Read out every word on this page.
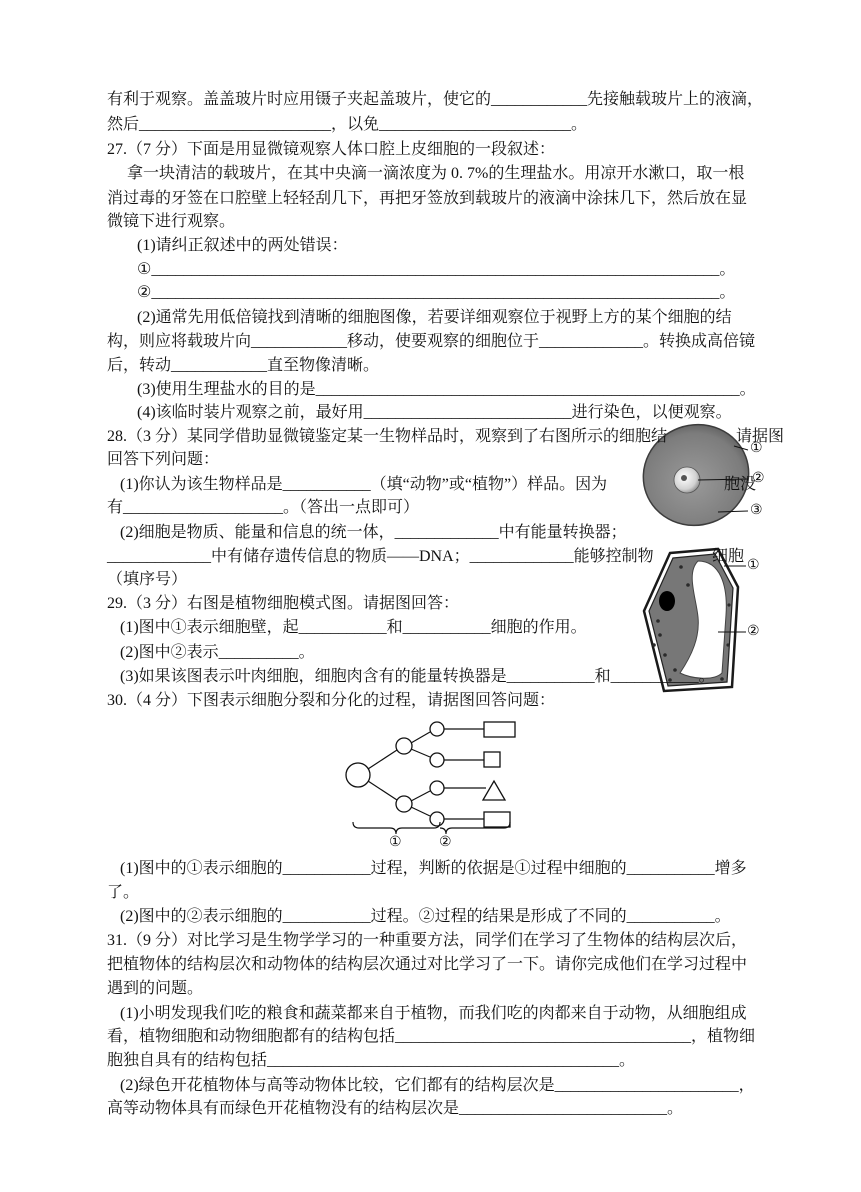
有利于观察。盖盖玻片时应用镊子夹起盖玻片，使它的____________先接触载玻片上的液滴，
然后________________________，以免________________________。
27.（7 分）下面是用显微镜观察人体口腔上皮细胞的一段叙述：
拿一块清洁的载玻片，在其中央滴一滴浓度为 0. 7%的生理盐水。用凉开水漱口，取一根
消过毒的牙签在口腔壁上轻轻刮几下，再把牙签放到载玻片的液滴中涂抹几下，然后放在显
微镜下进行观察。
(1)请纠正叙述中的两处错误：
①_______________________________________________________________________。
②_______________________________________________________________________。
(2)通常先用低倍镜找到清晰的细胞图像，若要详细观察位于视野上方的某个细胞的结
构，则应将载玻片向____________移动，使要观察的细胞位于_____________。转换成高倍镜
后，转动____________直至物像清晰。
(3)使用生理盐水的目的是_____________________________________________________。
(4)该临时装片观察之前，最好用__________________________进行染色，以便观察。
28.（3 分）某同学借助显微镜鉴定某一生物样品时，观察到了右图所示的细胞结	请据图
回答下列问题：
(1)你认为该生物样品是___________（填“动物”或“植物”）样品。因为	胞没
有____________________。（答出一点即可）
(2)细胞是物质、能量和信息的统一体，_____________中有能量转换器；
_____________中有储存遗传信息的物质——DNA；_____________能够控制物	细胞
（填序号）
①
②
③
29.（3 分）右图是植物细胞模式图。请据图回答：
(1)图中①表示细胞壁，起___________和___________细胞的作用。
(2)图中②表示__________。
(3)如果该图表示叶肉细胞，细胞肉含有的能量转换器是___________和___________。
①
②
30.（4 分）下图表示细胞分裂和分化的过程，请据图回答问题：
①	②
(1)图中的①表示细胞的___________过程，判断的依据是①过程中细胞的___________增多
了。
(2)图中的②表示细胞的___________过程。②过程的结果是形成了不同的___________。
31.（9 分）对比学习是生物学学习的一种重要方法，同学们在学习了生物体的结构层次后，
把植物体的结构层次和动物体的结构层次通过对比学习了一下。请你完成他们在学习过程中
遇到的问题。
(1)小明发现我们吃的粮食和蔬菜都来自于植物，而我们吃的肉都来自于动物，从细胞组成
看，植物细胞和动物细胞都有的结构包括_____________________________________，植物细
胞独自具有的结构包括____________________________________________。
(2)绿色开花植物体与高等动物体比较，它们都有的结构层次是_______________________，
高等动物体具有而绿色开花植物没有的结构层次是__________________________。
